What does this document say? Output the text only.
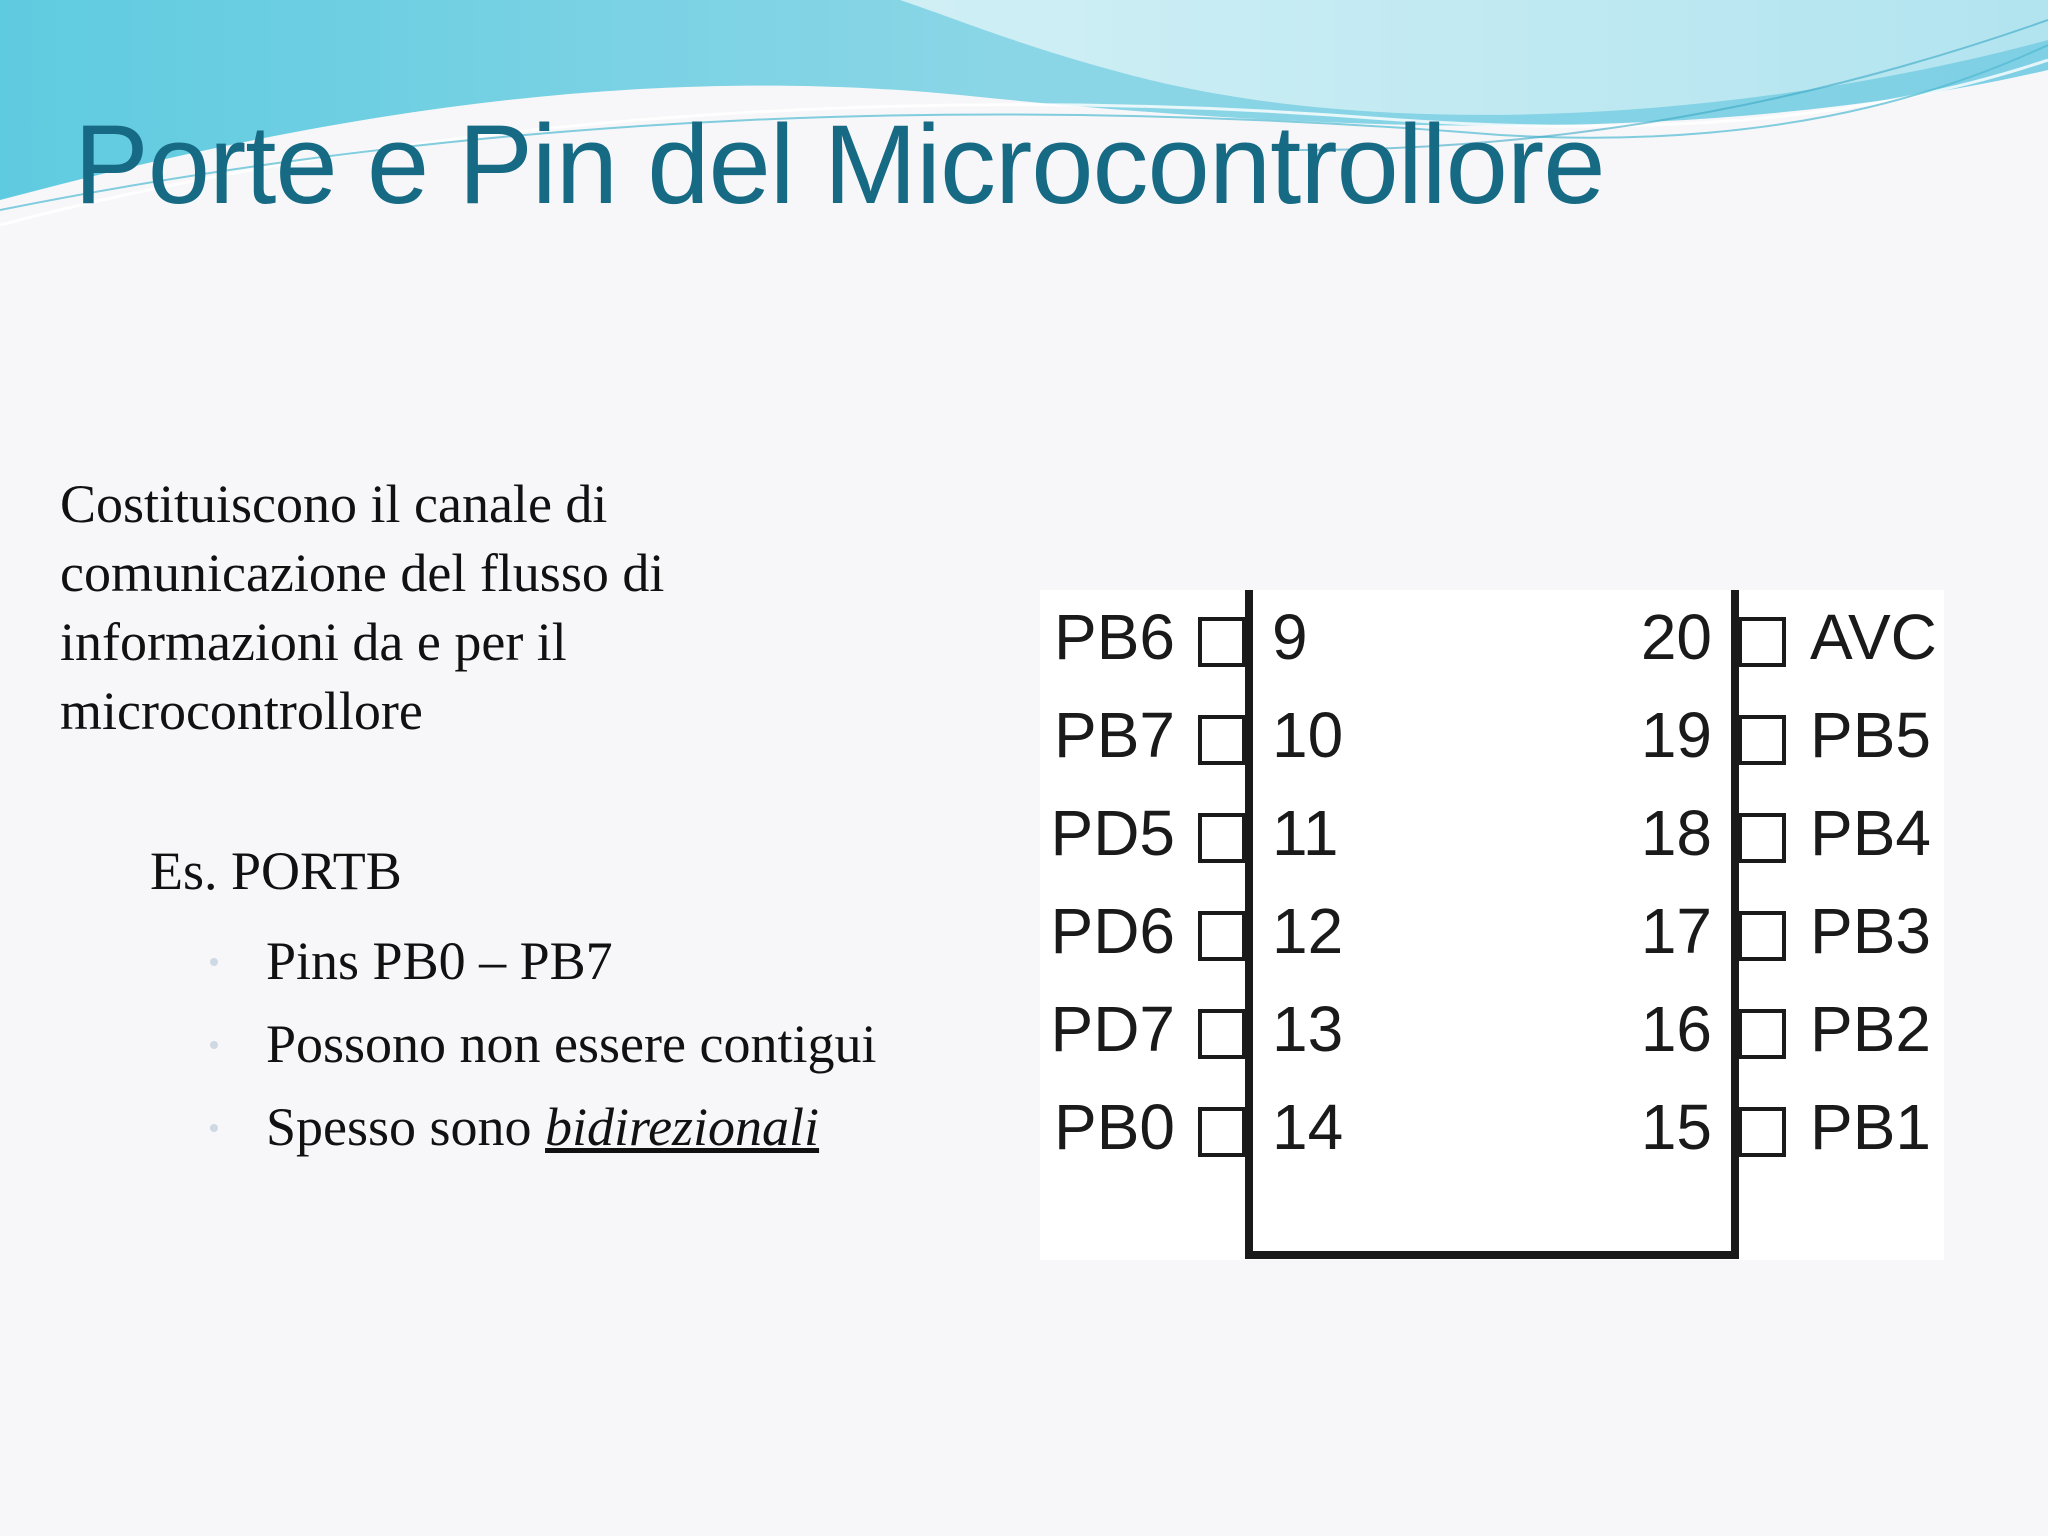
Porte e Pin del Microcontrollore

Costituiscono il canale di comunicazione del flusso di informazioni da e per il microcontrollore

Es. PORTB

Pins PB0 – PB7
Possono non essere contigui
Spesso sono bidirezionali
PB6 9
PB7 10
PD5 11
PD6 12
PD7 13
PB0 14
AVC
20
PB5
19
PB4
18
PB3
17
PB2
16
PB1
15
